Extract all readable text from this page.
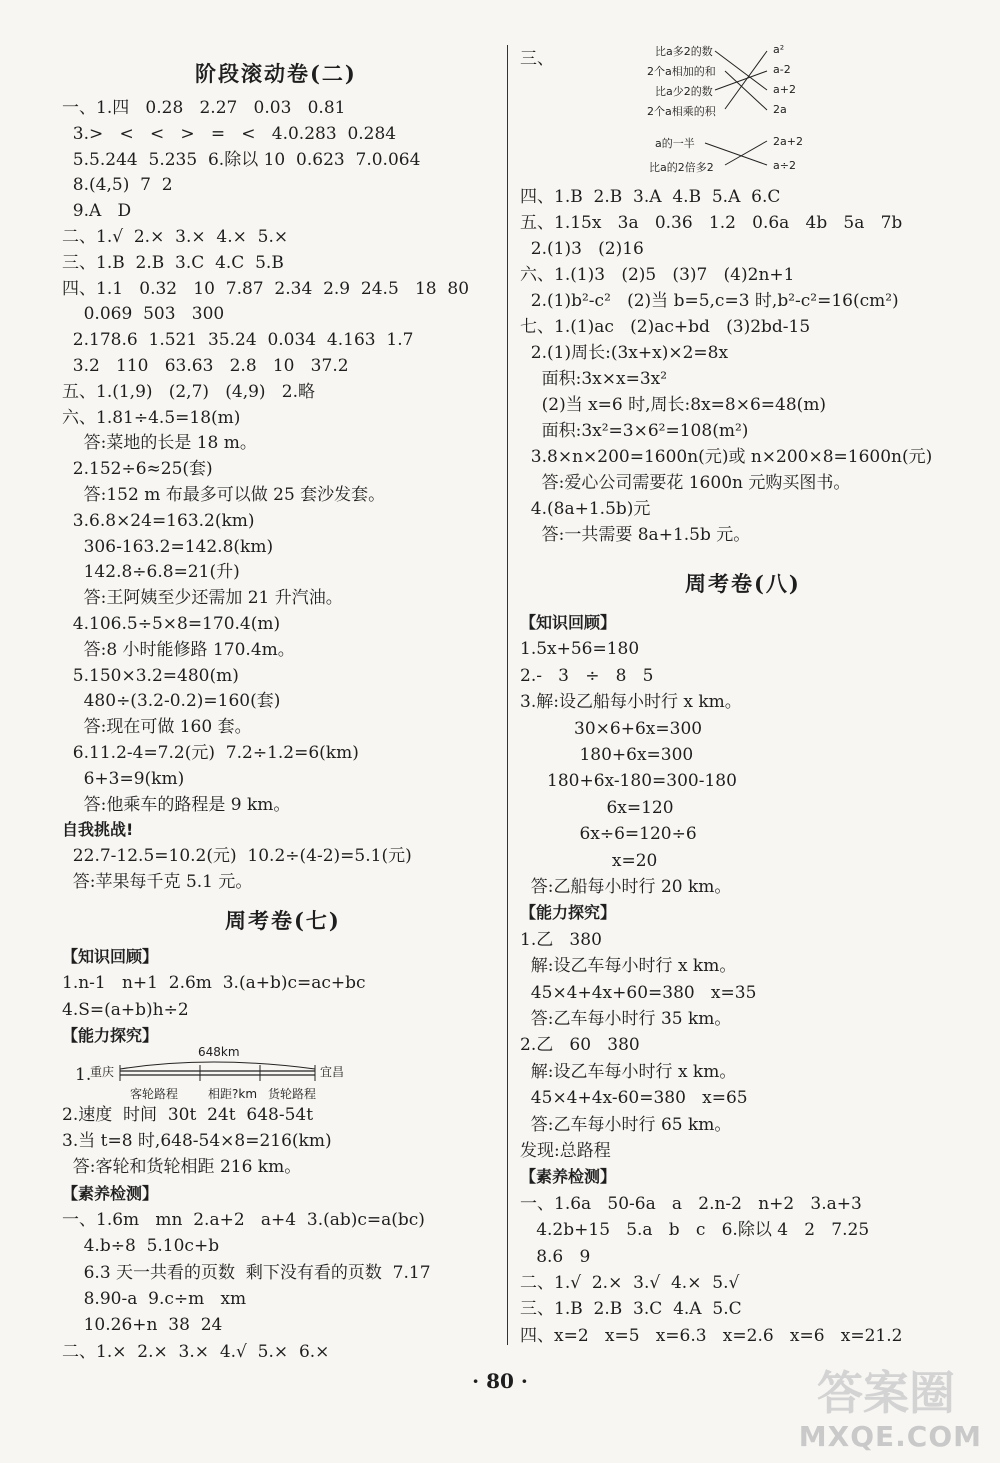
阶段滚动卷(二)
一、1.四   0.28   2.27   0.03   0.81
3.>   <   <   >   =   <   4.0.283  0.284
5.5.244  5.235  6.除以 10  0.623  7.0.064
8.(4,5)  7  2
9.A   D
二、1.√  2.×  3.×  4.×  5.×
三、1.B  2.B  3.C  4.C  5.B
四、1.1   0.32   10  7.87  2.34  2.9  24.5   18  80
0.069  503   300
2.178.6  1.521  35.24  0.034  4.163  1.7
3.2   110   63.63   2.8   10   37.2
五、1.(1,9)   (2,7)   (4,9)   2.略
六、1.81÷4.5=18(m)
答:菜地的长是 18 m。
2.152÷6≈25(套)
答:152 m 布最多可以做 25 套沙发套。
3.6.8×24=163.2(km)
306-163.2=142.8(km)
142.8÷6.8=21(升)
答:王阿姨至少还需加 21 升汽油。
4.106.5÷5×8=170.4(m)
答:8 小时能修路 170.4m。
5.150×3.2=480(m)
480÷(3.2-0.2)=160(套)
答:现在可做 160 套。
6.11.2-4=7.2(元)  7.2÷1.2=6(km)
6+3=9(km)
答:他乘车的路程是 9 km。
自我挑战!
22.7-12.5=10.2(元)  10.2÷(4-2)=5.1(元)
答:苹果每千克 5.1 元。
周考卷(七)
【知识回顾】
1.n-1   n+1  2.6m  3.(a+b)c=ac+bc
4.S=(a+b)h÷2
【能力探究】
2.速度  时间  30t  24t  648-54t
3.当 t=8 时,648-54×8=216(km)
答:客轮和货轮相距 216 km。
【素养检测】
一、1.6m   mn  2.a+2   a+4  3.(ab)c=a(bc)
4.b÷8  5.10c+b
6.3 天一共看的页数  剩下没有看的页数  7.17
8.90-a  9.c÷m   xm
10.26+n  38  24
二、1.×  2.×  3.×  4.√  5.×  6.×
1.
重庆
648km
宜昌
客轮路程 相距?km 货轮路程
三、	比a多2的数
2个a相加的和
比a少2的数
2个a相乘的积
a的一半
比a的2倍多2
a²
a-2
a+2
2a
2a+2
a÷2
四、1.B  2.B  3.A  4.B  5.A  6.C
五、1.15x   3a   0.36   1.2   0.6a   4b   5a   7b
2.(1)3   (2)16
六、1.(1)3   (2)5   (3)7   (4)2n+1
2.(1)b²-c²   (2)当 b=5,c=3 时,b²-c²=16(cm²)
七、1.(1)ac   (2)ac+bd   (3)2bd-15
2.(1)周长:(3x+x)×2=8x
面积:3x×x=3x²
(2)当 x=6 时,周长:8x=8×6=48(m)
面积:3x²=3×6²=108(m²)
3.8×n×200=1600n(元)或 n×200×8=1600n(元)
答:爱心公司需要花 1600n 元购买图书。
4.(8a+1.5b)元
答:一共需要 8a+1.5b 元。
周考卷(八)
【知识回顾】
1.5x+56=180
2.-   3   ÷   8   5
3.解:设乙船每小时行 x km。
30×6+6x=300
180+6x=300
180+6x-180=300-180
6x=120
6x÷6=120÷6
x=20
答:乙船每小时行 20 km。
【能力探究】
1.乙   380
解:设乙车每小时行 x km。
45×4+4x+60=380   x=35
答:乙车每小时行 35 km。
2.乙   60   380
解:设乙车每小时行 x km。
45×4+4x-60=380   x=65
答:乙车每小时行 65 km。
发现:总路程
【素养检测】
一、1.6a   50-6a   a   2.n-2   n+2   3.a+3
4.2b+15   5.a   b   c   6.除以 4   2   7.25
8.6   9
二、1.√  2.×  3.√  4.×  5.√
三、1.B  2.B  3.C  4.A  5.C
四、x=2   x=5   x=6.3   x=2.6   x=6   x=21.2
· 80 ·	答案圈
MXQE.COM
